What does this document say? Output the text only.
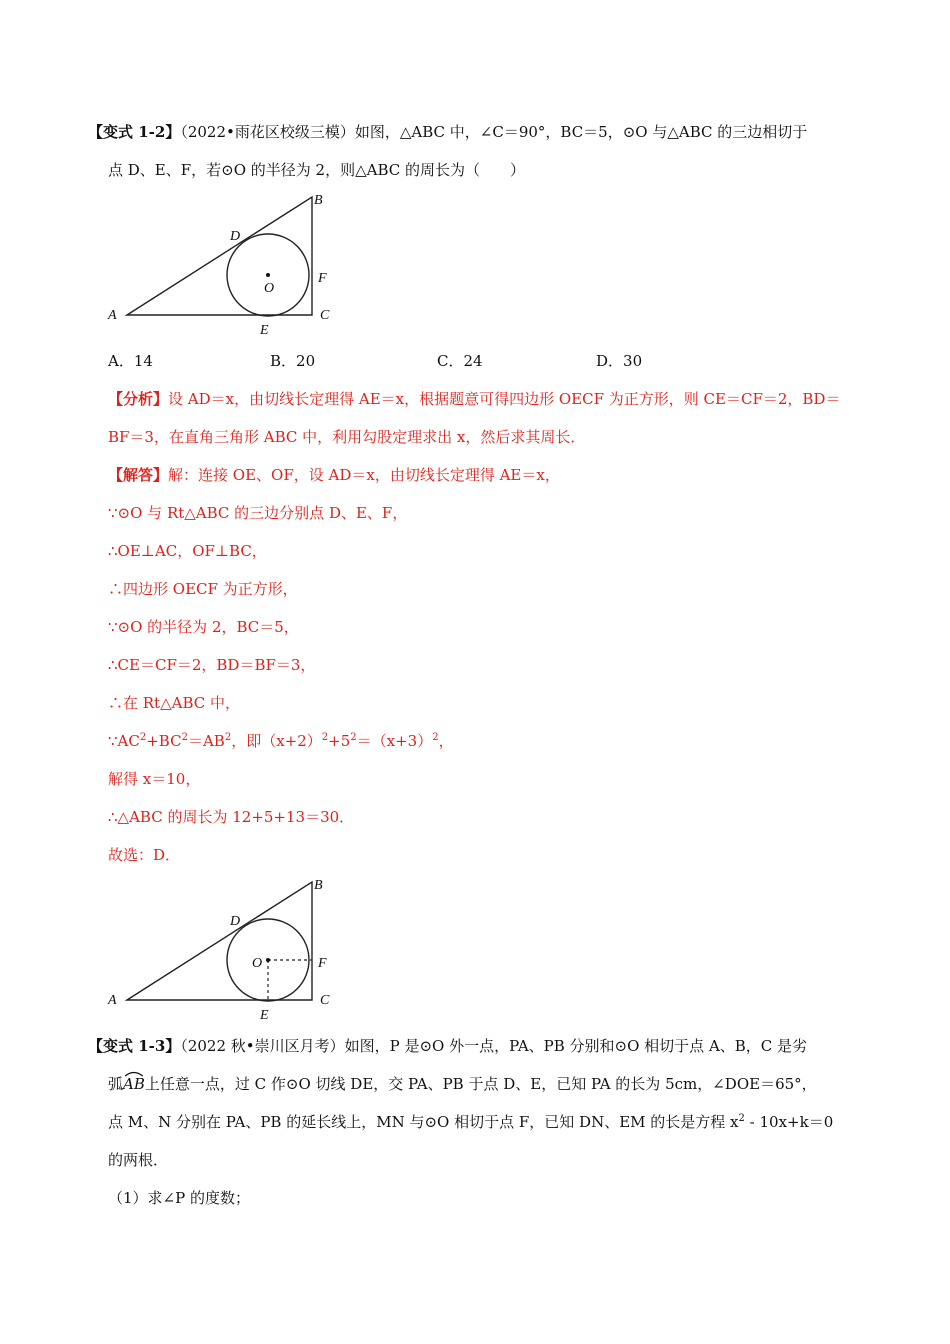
【变式 1-2】（2022•雨花区校级三模）如图，△ABC 中，∠C＝90°，BC＝5，⊙O 与△ABC 的三边相切于
点 D、E、F，若⊙O 的半径为 2，则△ABC 的周长为（　　）
A
B
C
D
E
F
O
A．14	B．20	C．24	D．30
【分析】设 AD＝x，由切线长定理得 AE＝x，根据题意可得四边形 OECF 为正方形，则 CE＝CF＝2，BD＝
BF＝3，在直角三角形 ABC 中，利用勾股定理求出 x，然后求其周长．
【解答】解：连接 OE、OF，设 AD＝x，由切线长定理得 AE＝x，
∵⊙O 与 Rt△ABC 的三边分别点 D、E、F，
∴OE⊥AC，OF⊥BC，
∴四边形 OECF 为正方形，
∵⊙O 的半径为 2，BC＝5，
∴CE＝CF＝2，BD＝BF＝3，
∴在 Rt△ABC 中，
$\because AC^2+BC^2=AB^2$，即$(x+2)^2+5^2=(x+3)^2$，
解得 x＝10，
∴△ABC 的周长为 12+5+13＝30．
故选：D．
A
B
C
D
E
F
O
【变式 1-3】（2022 秋•崇川区月考）如图，P 是⊙O 外一点，PA、PB 分别和⊙O 相切于点 A、B，C 是劣
弧
AB上任意一点，过 C 作⊙O 切线 DE，交 PA、PB 于点 D、E，已知 PA 的长为 5cm，∠DOE＝65°，
点 M、N 分别在 PA、PB 的延长线上，MN 与⊙O 相切于点 F，已知 DN、EM 的长是方程 $x^2 - 10x+k=0$
的两根．
（1）求∠P 的度数；
